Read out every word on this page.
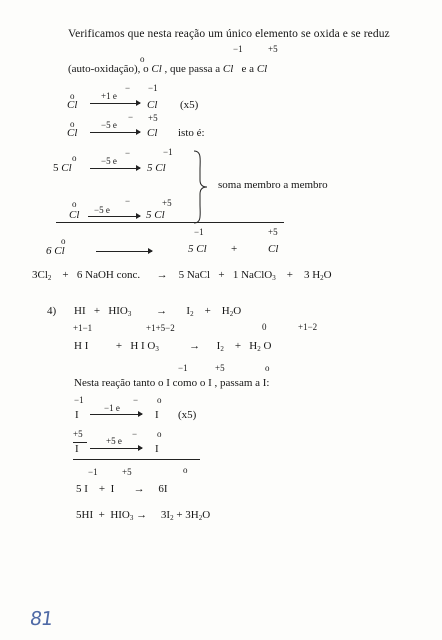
Verificamos que nesta reação um único elemento se oxida e se reduz
o
−1	+5
(auto-oxidação), o Cl , que passa a Cl e a Cl
o
Cl
+1 e
− −1
Cl (x5)
o
Cl
−5 e
− +5
Cl isto é:
o
5 Cl
−5 e
−	−1
5 Cl
soma membro a membro
o
Cl −5 e
−	+5
5 Cl
−1	+5
o
6 Cl	5 Cl +	Cl
$3Cl_2 + 6$ NaOH conc. → 5 NaCl + 1 NaClO$_3$ + 3 $H_2O$
4) HI + $HIO_3 \to I_2 + H_2O$
+1−1	+1+5−2	0	+1−2
H I	+ H I $O_3$	→ $I_2 + H_2$ O
−1	+5	o
Nesta reação tanto o I como o I , passam a I:
−1
I
−1 e
− o
I (x5)
+5
I
+5 e
− o
I
−1	+5	o
5 I + I → 6I
$5HI + HIO_3 \to 3I_2 + 3H_2O$
81
